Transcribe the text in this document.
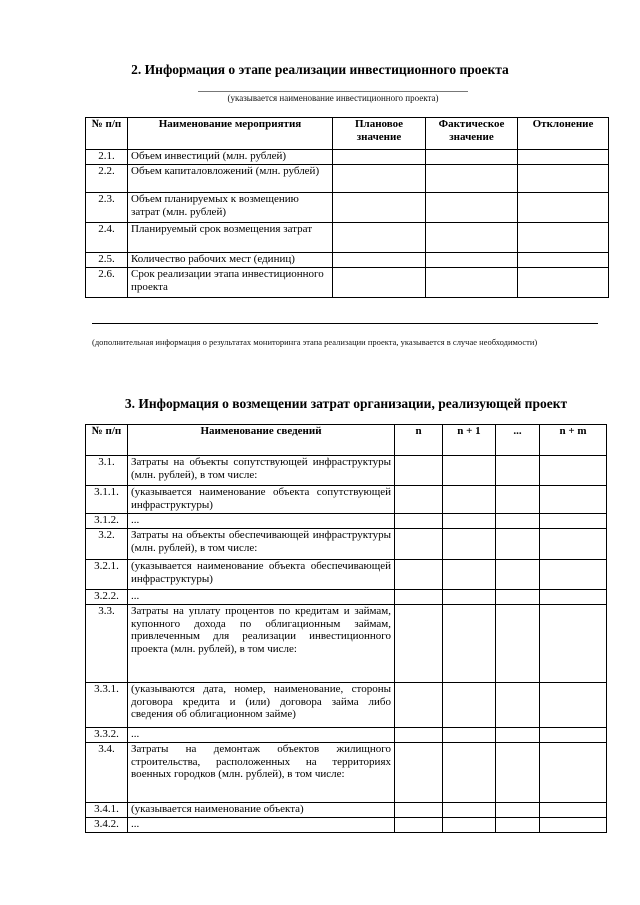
2. Информация о этапе реализации инвестиционного проекта
(указывается наименование инвестиционного проекта)
№ п/п	Наименование мероприятия	Плановое значение	Фактическое значение	Отклонение
2.1.	Объем инвестиций (млн. рублей)			
2.2.	Объем капиталовложений (млн. рублей)			
2.3.	Объем планируемых к возмещению затрат (млн. рублей)			
2.4.	Планируемый срок возмещения затрат			
2.5.	Количество рабочих мест (единиц)			
2.6.	Срок реализации этапа инвестиционного проекта			
(дополнительная информация о результатах мониторинга этапа реализации проекта, указывается в случае необходимости)
3. Информация о возмещении затрат организации, реализующей проект
№ п/п	Наименование сведений	n	n + 1	...	n + m
3.1.	Затраты на объекты сопутствующей инфраструктуры (млн. рублей), в том числе:				
3.1.1.	(указывается наименование объекта сопутствующей инфраструктуры)				
3.1.2.	...				
3.2.	Затраты на объекты обеспечивающей инфраструктуры (млн. рублей), в том числе:				
3.2.1.	(указывается наименование объекта обеспечивающей инфраструктуры)				
3.2.2.	...				
3.3.	Затраты на уплату процентов по кредитам и займам, купонного дохода по облигационным займам, привлеченным для реализации инвестиционного проекта (млн. рублей), в том числе:				
3.3.1.	(указываются дата, номер, наименование, стороны договора кредита и (или) договора займа либо сведения об облигационном займе)				
3.3.2.	...				
3.4.	Затраты на демонтаж объектов жилищного строительства, расположенных на территориях военных городков (млн. рублей), в том числе:				
3.4.1.	(указывается наименование объекта)				
3.4.2.	...				
